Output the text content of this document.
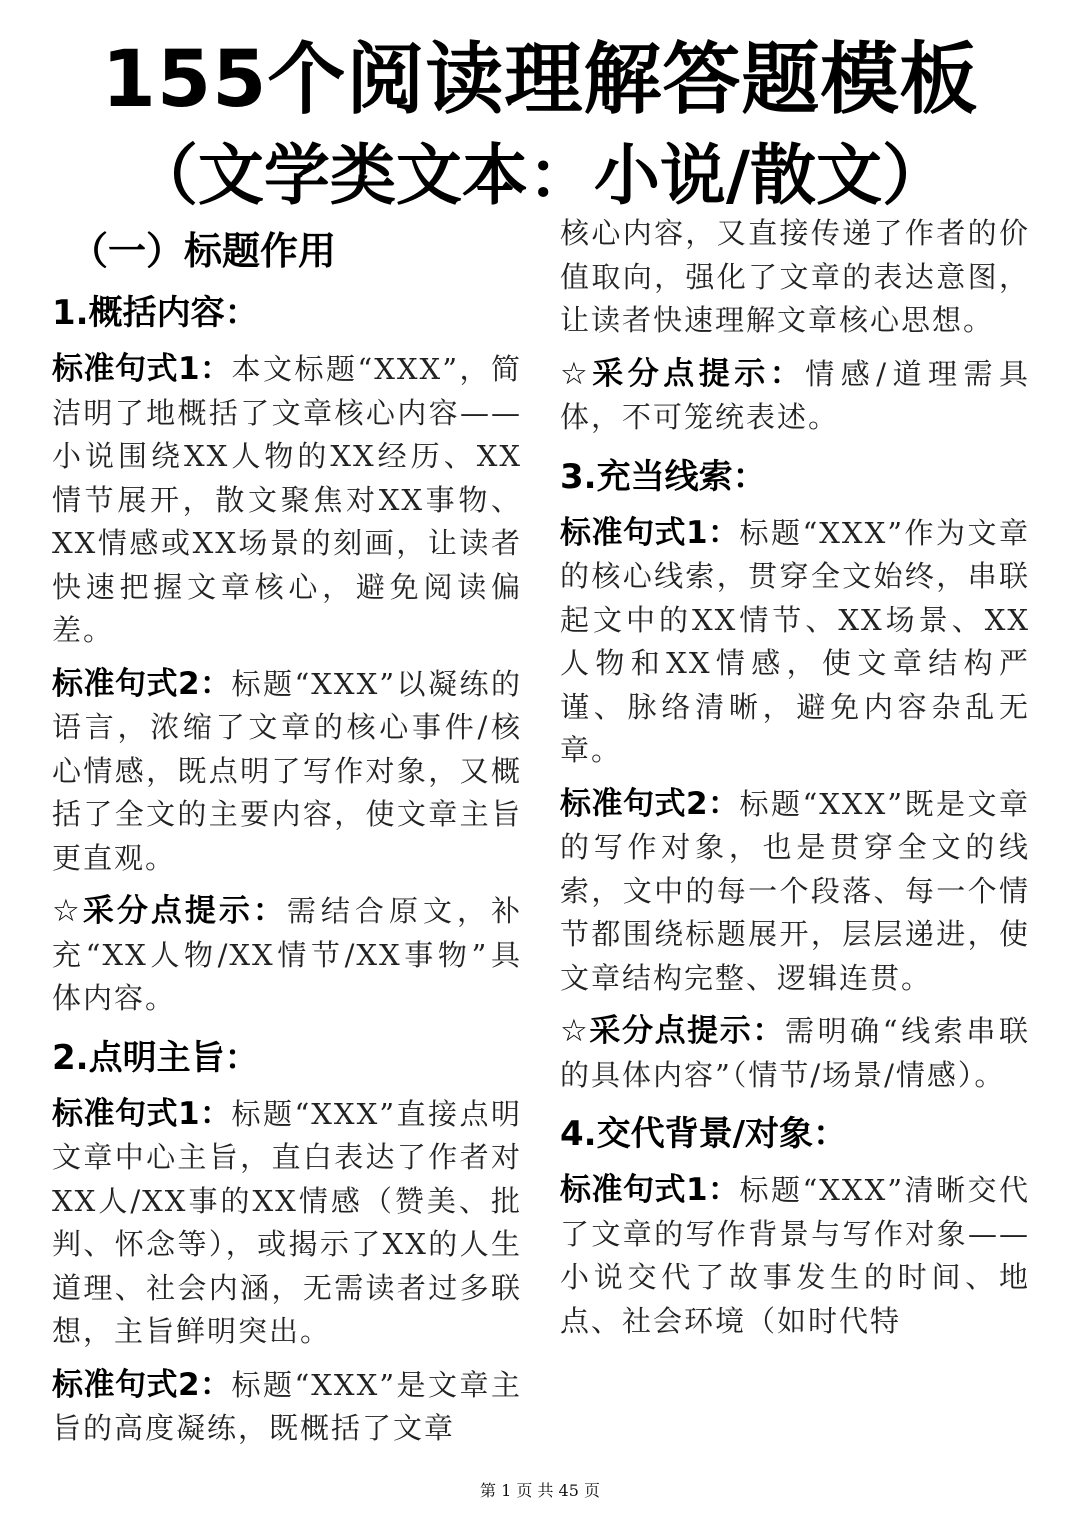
155个阅读理解答题模板
（文学类文本：小说/散文）
（一）标题作用
1.概括内容：

标准句式1：本文标题“XXX”，简洁明了地概括了文章核心内容——小说围绕XX人物的XX经历、XX情节展开，散文聚焦对XX事物、XX情感或XX场景的刻画，让读者快速把握文章核心，避免阅读偏差。

标准句式2：标题“XXX”以凝练的语言，浓缩了文章的核心事件/核心情感，既点明了写作对象，又概括了全文的主要内容，使文章主旨更直观。

☆采分点提示：需结合原文，补充“XX人物/XX情节/XX事物”具体内容。

2.点明主旨：

标准句式1：标题“XXX”直接点明文章中心主旨，直白表达了作者对XX人/XX事的XX情感（赞美、批判、怀念等），或揭示了XX的人生道理、社会内涵，无需读者过多联想，主旨鲜明突出。

标准句式2：标题“XXX”是文章主旨的高度凝练，既概括了文章

核心内容，又直接传递了作者的价值取向，强化了文章的表达意图，让读者快速理解文章核心思想。

☆采分点提示：情感/道理需具体，不可笼统表述。

3.充当线索：

标准句式1：标题“XXX”作为文章的核心线索，贯穿全文始终，串联起文中的XX情节、XX场景、XX人物和XX情感，使文章结构严谨、脉络清晰，避免内容杂乱无章。

标准句式2：标题“XXX”既是文章的写作对象，也是贯穿全文的线索，文中的每一个段落、每一个情节都围绕标题展开，层层递进，使文章结构完整、逻辑连贯。

☆采分点提示：需明确“线索串联的具体内容”（情节/场景/情感）。

4.交代背景/对象：

标准句式1：标题“XXX”清晰交代了文章的写作背景与写作对象——小说交代了故事发生的时间、地点、社会环境（如时代特

第 1 页 共 45 页
